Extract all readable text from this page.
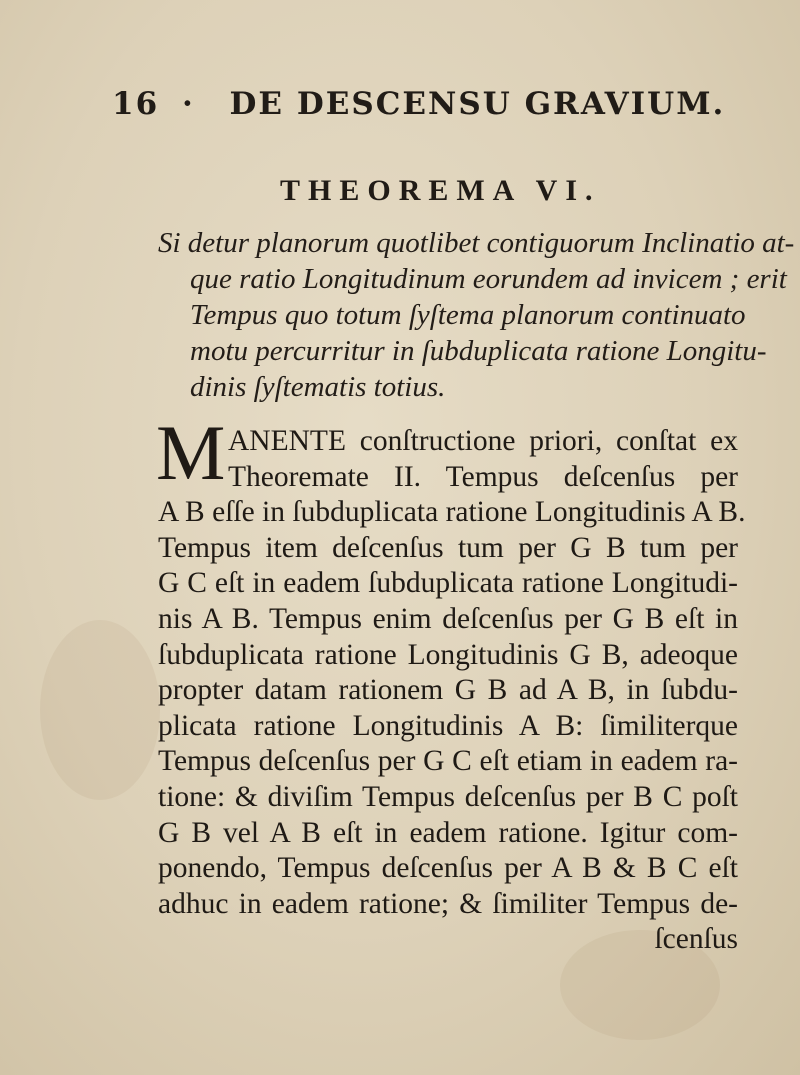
16 · DE DESCENSU GRAVIUM.
THEOREMA VI.
Si detur planorum quotlibet contiguorum Inclinatio at-
que ratio Longitudinum eorundem ad invicem ; erit
Tempus quo totum ſyſtema planorum continuato
motu percurritur in ſubduplicata ratione Longitu-
dinis ſyſtematis totius.
M ANENTE conſtructione priori, conſtat ex
Theoremate II. Tempus deſcenſus per
A B eſſe in ſubduplicata ratione Longitudinis A B.
Tempus item deſcenſus tum per G B tum per
G C eſt in eadem ſubduplicata ratione Longitudi-
nis A B. Tempus enim deſcenſus per G B eſt in
ſubduplicata ratione Longitudinis G B, adeoque
propter datam rationem G B ad A B, in ſubdu-
plicata ratione Longitudinis A B: ſimiliterque
Tempus deſcenſus per G C eſt etiam in eadem ra-
tione: & diviſim Tempus deſcenſus per B C poſt
G B vel A B eſt in eadem ratione. Igitur com-
ponendo, Tempus deſcenſus per A B & B C eſt
adhuc in eadem ratione; & ſimiliter Tempus de-
ſcenſus
